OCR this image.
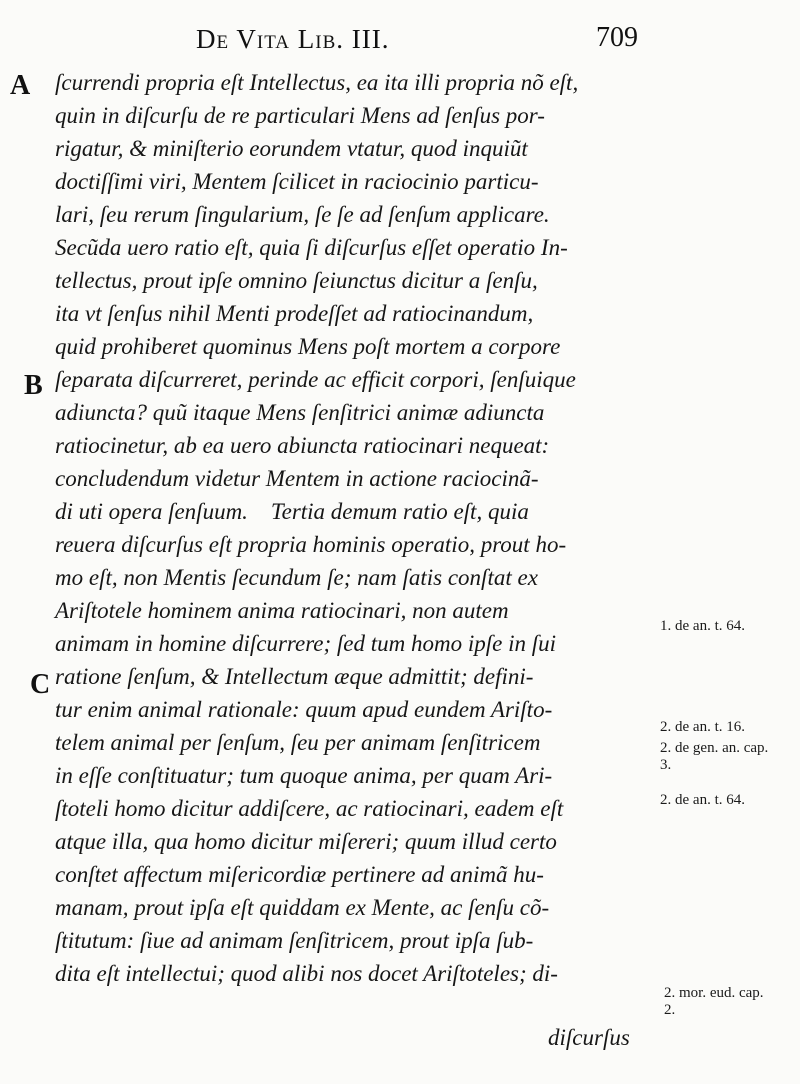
De Vita Lib. III.	709
A
B
C
ſcurrendi propria eſt Intellectus, ea ita illi propria nõ eſt,
quin in diſcurſu de re particulari Mens ad ſenſus por-
rigatur, & miniſterio eorundem vtatur, quod inquiũt
doctiſſimi viri, Mentem ſcilicet in raciocinio particu-
lari, ſeu rerum ſingularium, ſe ſe ad ſenſum applicare.
Secũda uero ratio eſt, quia ſi diſcurſus eſſet operatio In-
tellectus, prout ipſe omnino ſeiunctus dicitur a ſenſu,
ita vt ſenſus nihil Menti prodeſſet ad ratiocinandum,
quid prohiberet quominus Mens poſt mortem a corpore
ſeparata diſcurreret, perinde ac efficit corpori, ſenſuique
adiuncta? quũ itaque Mens ſenſitrici animæ adiuncta
ratiocinetur, ab ea uero abiuncta ratiocinari nequeat:
concludendum videtur Mentem in actione raciocinã-
di uti opera ſenſuum.    Tertia demum ratio eſt, quia
reuera diſcurſus eſt propria hominis operatio, prout ho-
mo eſt, non Mentis ſecundum ſe; nam ſatis conſtat ex
Ariſtotele hominem anima ratiocinari, non autem
animam in homine diſcurrere; ſed tum homo ipſe in ſui
ratione ſenſum, & Intellectum æque admittit; defini-
tur enim animal rationale: quum apud eundem Ariſto-
telem animal per ſenſum, ſeu per animam ſenſitricem
in eſſe conſtituatur; tum quoque anima, per quam Ari-
ſtoteli homo dicitur addiſcere, ac ratiocinari, eadem eſt
atque illa, qua homo dicitur miſereri; quum illud certo
conſtet affectum miſericordiæ pertinere ad animã hu-
manam, prout ipſa eſt quiddam ex Mente, ac ſenſu cõ-
ſtitutum: ſiue ad animam ſenſitricem, prout ipſa ſub-
dita eſt intellectui; quod alibi nos docet Ariſtoteles; di-
1. de an. t. 64.
2. de an. t. 16.
2. de gen. an. cap. 3.
2. de an. t. 64.
2. mor. eud. cap. 2.
diſcurſus
